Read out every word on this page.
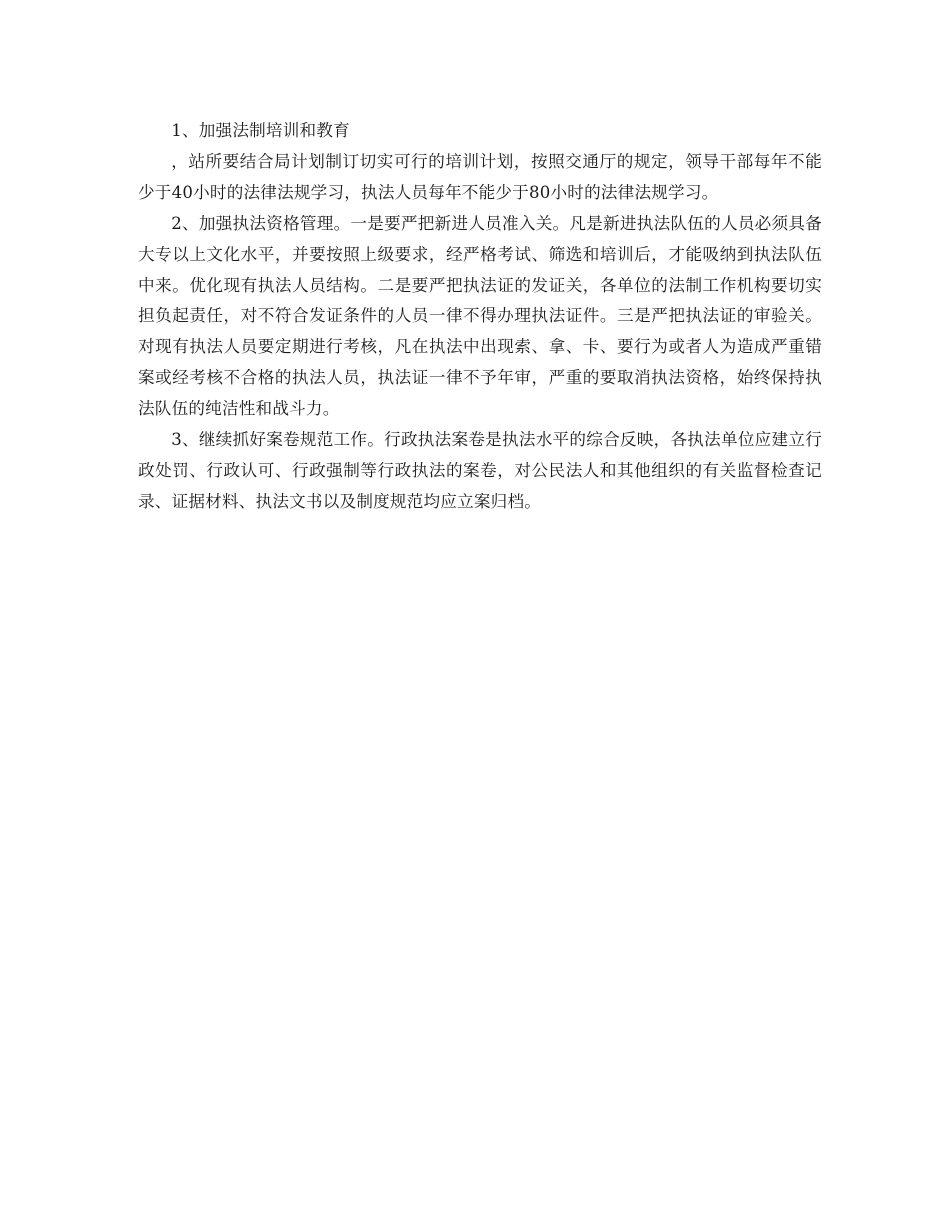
1、加强法制培训和教育

，站所要结合局计划制订切实可行的培训计划，按照交通厅的规定，领导干部每年不能少于40小时的法律法规学习，执法人员每年不能少于80小时的法律法规学习。

2、加强执法资格管理。一是要严把新进人员准入关。凡是新进执法队伍的人员必须具备大专以上文化水平，并要按照上级要求，经严格考试、筛选和培训后，才能吸纳到执法队伍中来。优化现有执法人员结构。二是要严把执法证的发证关，各单位的法制工作机构要切实担负起责任，对不符合发证条件的人员一律不得办理执法证件。三是严把执法证的审验关。对现有执法人员要定期进行考核，凡在执法中出现索、拿、卡、要行为或者人为造成严重错案或经考核不合格的执法人员，执法证一律不予年审，严重的要取消执法资格，始终保持执法队伍的纯洁性和战斗力。

3、继续抓好案卷规范工作。行政执法案卷是执法水平的综合反映，各执法单位应建立行政处罚、行政认可、行政强制等行政执法的案卷，对公民法人和其他组织的有关监督检查记录、证据材料、执法文书以及制度规范均应立案归档。
